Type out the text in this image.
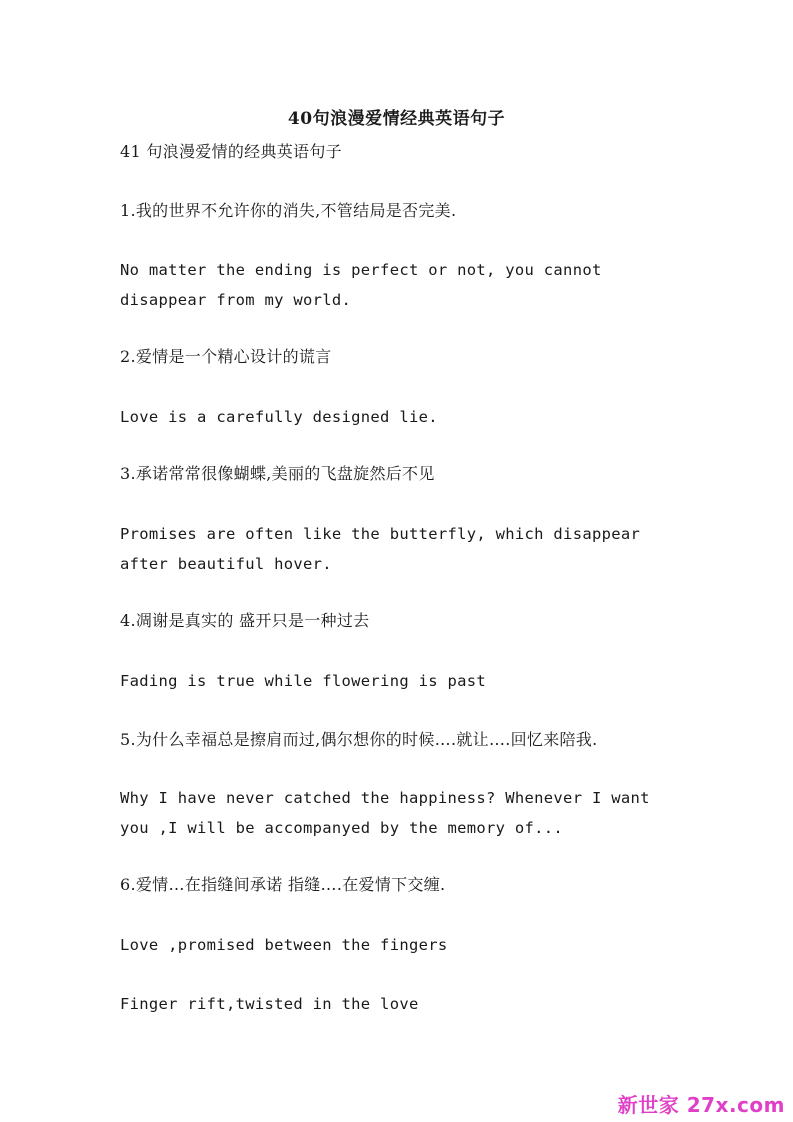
40句浪漫爱情经典英语句子
41 句浪漫爱情的经典英语句子
1.我的世界不允许你的消失,不管结局是否完美.
No matter the ending is perfect or not, you cannot
disappear from my world.
2.爱情是一个精心设计的谎言
Love is a carefully designed lie.
3.承诺常常很像蝴蝶,美丽的飞盘旋然后不见
Promises are often like the butterfly, which disappear
after beautiful hover.
4.凋谢是真实的 盛开只是一种过去
Fading is true while flowering is past
5.为什么幸福总是擦肩而过,偶尔想你的时候….就让….回忆来陪我.
Why I have never catched the happiness? Whenever I want
you ,I will be accompanyed by the memory of...
6.爱情…在指缝间承诺 指缝….在爱情下交缠.
Love ,promised between the fingers
Finger rift,twisted in the love
新世家 27x.com
